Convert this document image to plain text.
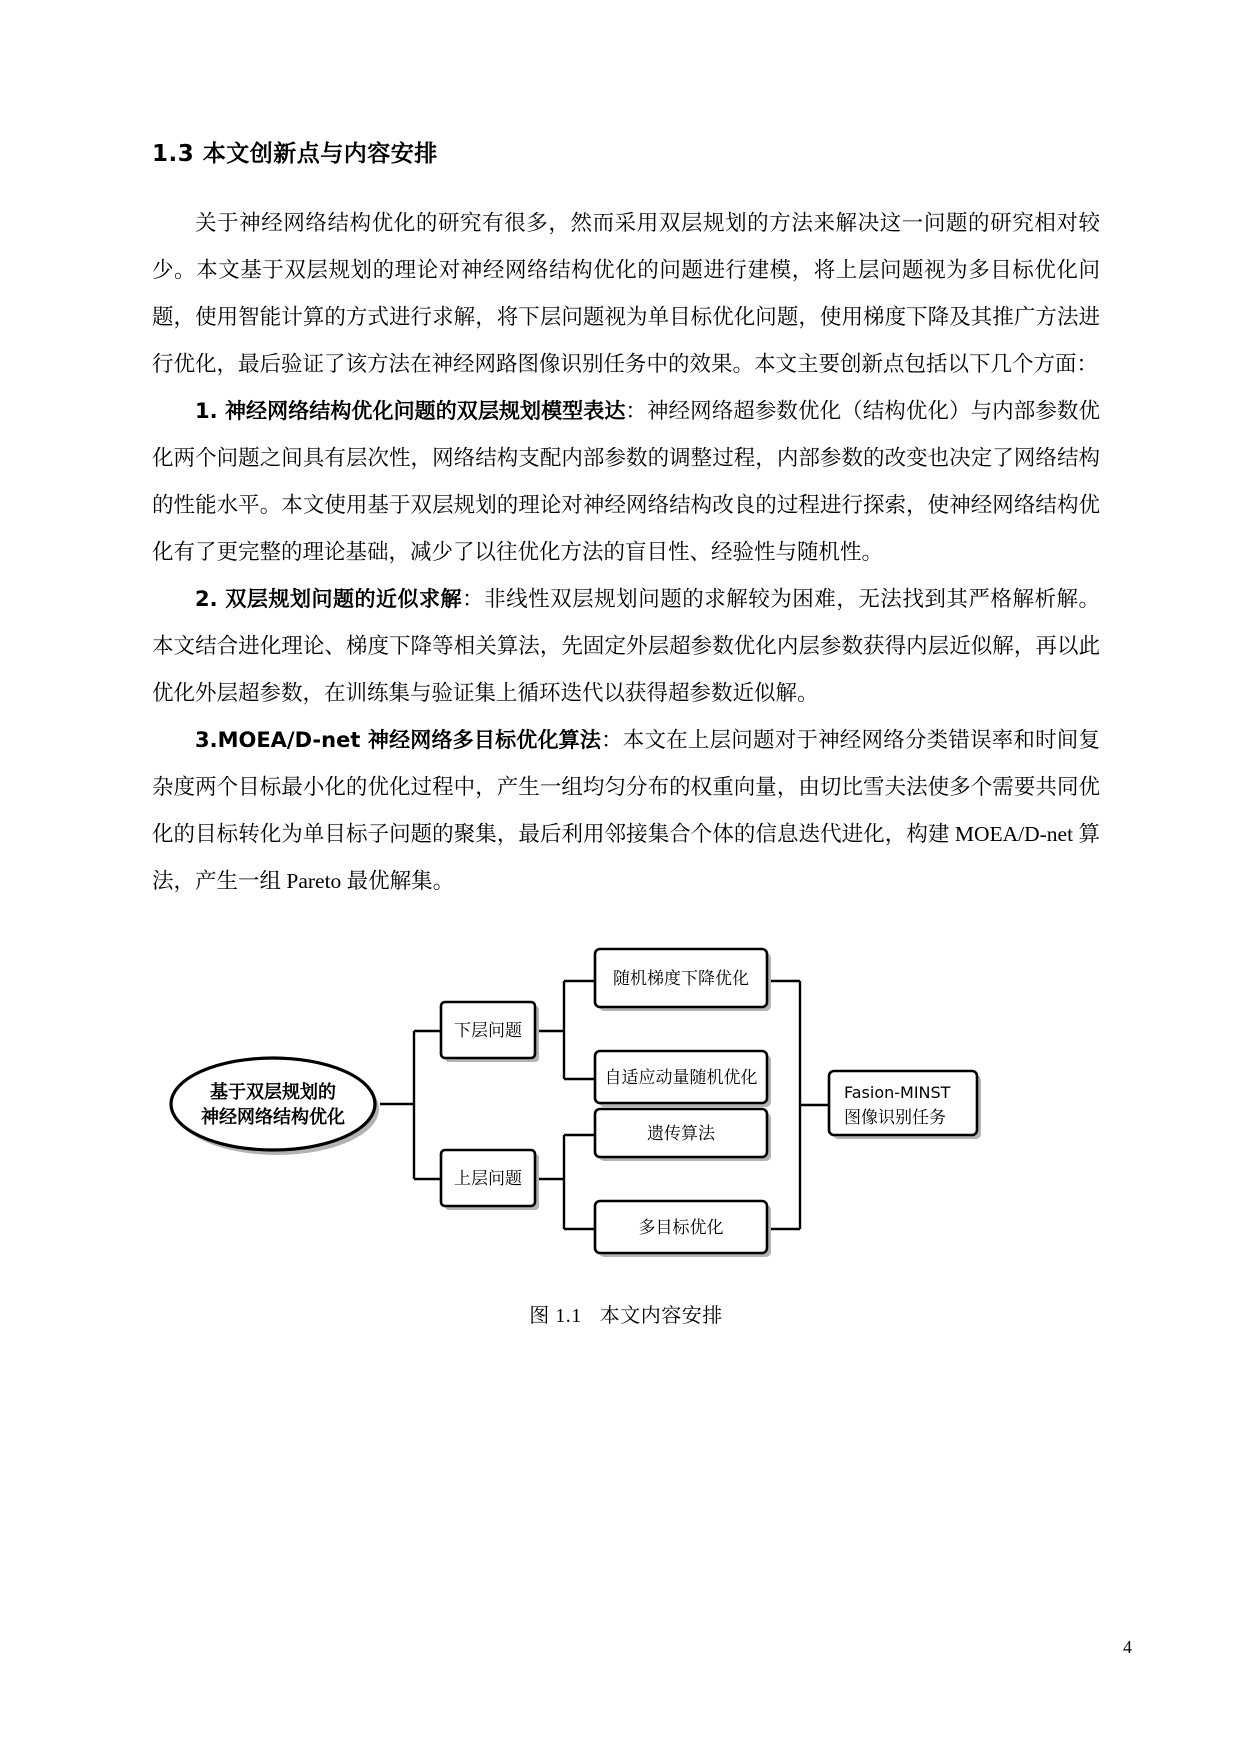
1.3 本文创新点与内容安排

关于神经网络结构优化的研究有很多，然而采用双层规划的方法来解决这一问题的研究相对较少。本文基于双层规划的理论对神经网络结构优化的问题进行建模，将上层问题视为多目标优化问题，使用智能计算的方式进行求解，将下层问题视为单目标优化问题，使用梯度下降及其推广方法进行优化，最后验证了该方法在神经网路图像识别任务中的效果。本文主要创新点包括以下几个方面：

1. 神经网络结构优化问题的双层规划模型表达：神经网络超参数优化（结构优化）与内部参数优化两个问题之间具有层次性，网络结构支配内部参数的调整过程，内部参数的改变也决定了网络结构的性能水平。本文使用基于双层规划的理论对神经网络结构改良的过程进行探索，使神经网络结构优化有了更完整的理论基础，减少了以往优化方法的盲目性、经验性与随机性。

2. 双层规划问题的近似求解：非线性双层规划问题的求解较为困难，无法找到其严格解析解。本文结合进化理论、梯度下降等相关算法，先固定外层超参数优化内层参数获得内层近似解，再以此优化外层超参数，在训练集与验证集上循环迭代以获得超参数近似解。

3.MOEA/D-net 神经网络多目标优化算法：本文在上层问题对于神经网络分类错误率和时间复杂度两个目标最小化的优化过程中，产生一组均匀分布的权重向量，由切比雪夫法使多个需要共同优化的目标转化为单目标子问题的聚集，最后利用邻接集合个体的信息迭代进化，构建 MOEA/D-net 算法，产生一组 Pareto 最优解集。

基于双层规划的
神经网络结构优化
下层问题
上层问题
随机梯度下降优化
自适应动量随机优化
遗传算法
多目标优化
Fasion-MINST
图像识别任务
图 1.1 本文内容安排
4
